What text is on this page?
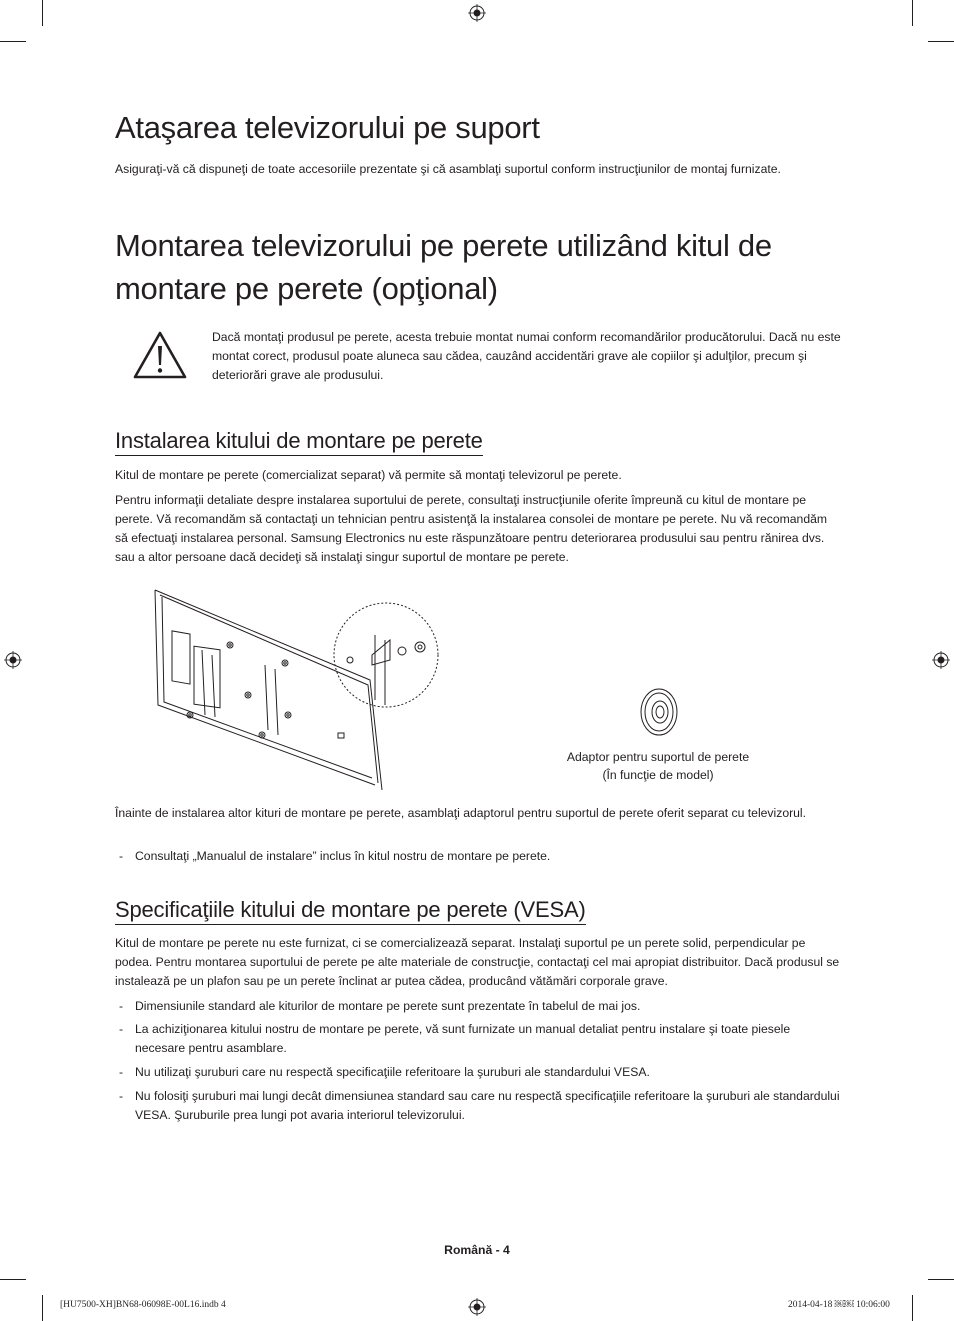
Ataşarea televizorului pe suport

Asiguraţi-vă că dispuneţi de toate accesoriile prezentate şi că asamblaţi suportul conform instrucţiunilor de montaj furnizate.

Montarea televizorului pe perete utilizând kitul de montare pe perete (opţional)

Dacă montaţi produsul pe perete, acesta trebuie montat numai conform recomandărilor producătorului. Dacă nu este montat corect, produsul poate aluneca sau cădea, cauzând accidentări grave ale copiilor şi adulţilor, precum şi deteriorări grave ale produsului.

Instalarea kitului de montare pe perete

Kitul de montare pe perete (comercializat separat) vă permite să montaţi televizorul pe perete.

Pentru informaţii detaliate despre instalarea suportului de perete, consultaţi instrucţiunile oferite împreună cu kitul de montare pe perete. Vă recomandăm să contactaţi un tehnician pentru asistenţă la instalarea consolei de montare pe perete. Nu vă recomandăm să efectuaţi instalarea personal. Samsung Electronics nu este răspunzătoare pentru deteriorarea produsului sau pentru rănirea dvs. sau a altor persoane dacă decideţi să instalaţi singur suportul de montare pe perete.

Adaptor pentru suportul de perete
(În funcţie de model)

Înainte de instalarea altor kituri de montare pe perete, asamblaţi adaptorul pentru suportul de perete oferit separat cu televizorul.

- Consultaţi „Manualul de instalare” inclus în kitul nostru de montare pe perete.
Specificaţiile kitului de montare pe perete (VESA)

Kitul de montare pe perete nu este furnizat, ci se comercializează separat. Instalaţi suportul pe un perete solid, perpendicular pe podea. Pentru montarea suportului de perete pe alte materiale de construcţie, contactaţi cel mai apropiat distribuitor. Dacă produsul se instalează pe un plafon sau pe un perete înclinat ar putea cădea, producând vătămări corporale grave.

- Dimensiunile standard ale kiturilor de montare pe perete sunt prezentate în tabelul de mai jos.
- La achiziţionarea kitului nostru de montare pe perete, vă sunt furnizate un manual detaliat pentru instalare şi toate piesele necesare pentru asamblare.
- Nu utilizaţi şuruburi care nu respectă specificaţiile referitoare la şuruburi ale standardului VESA.
- Nu folosiţi şuruburi mai lungi decât dimensiunea standard sau care nu respectă specificaţiile referitoare la şuruburi ale standardului VESA. Şuruburile prea lungi pot avaria interiorul televizorului.
Română - 4
[HU7500-XH]BN68-06098E-00L16.indb 4	2014-04-18 ￼￼ 10:06:00
